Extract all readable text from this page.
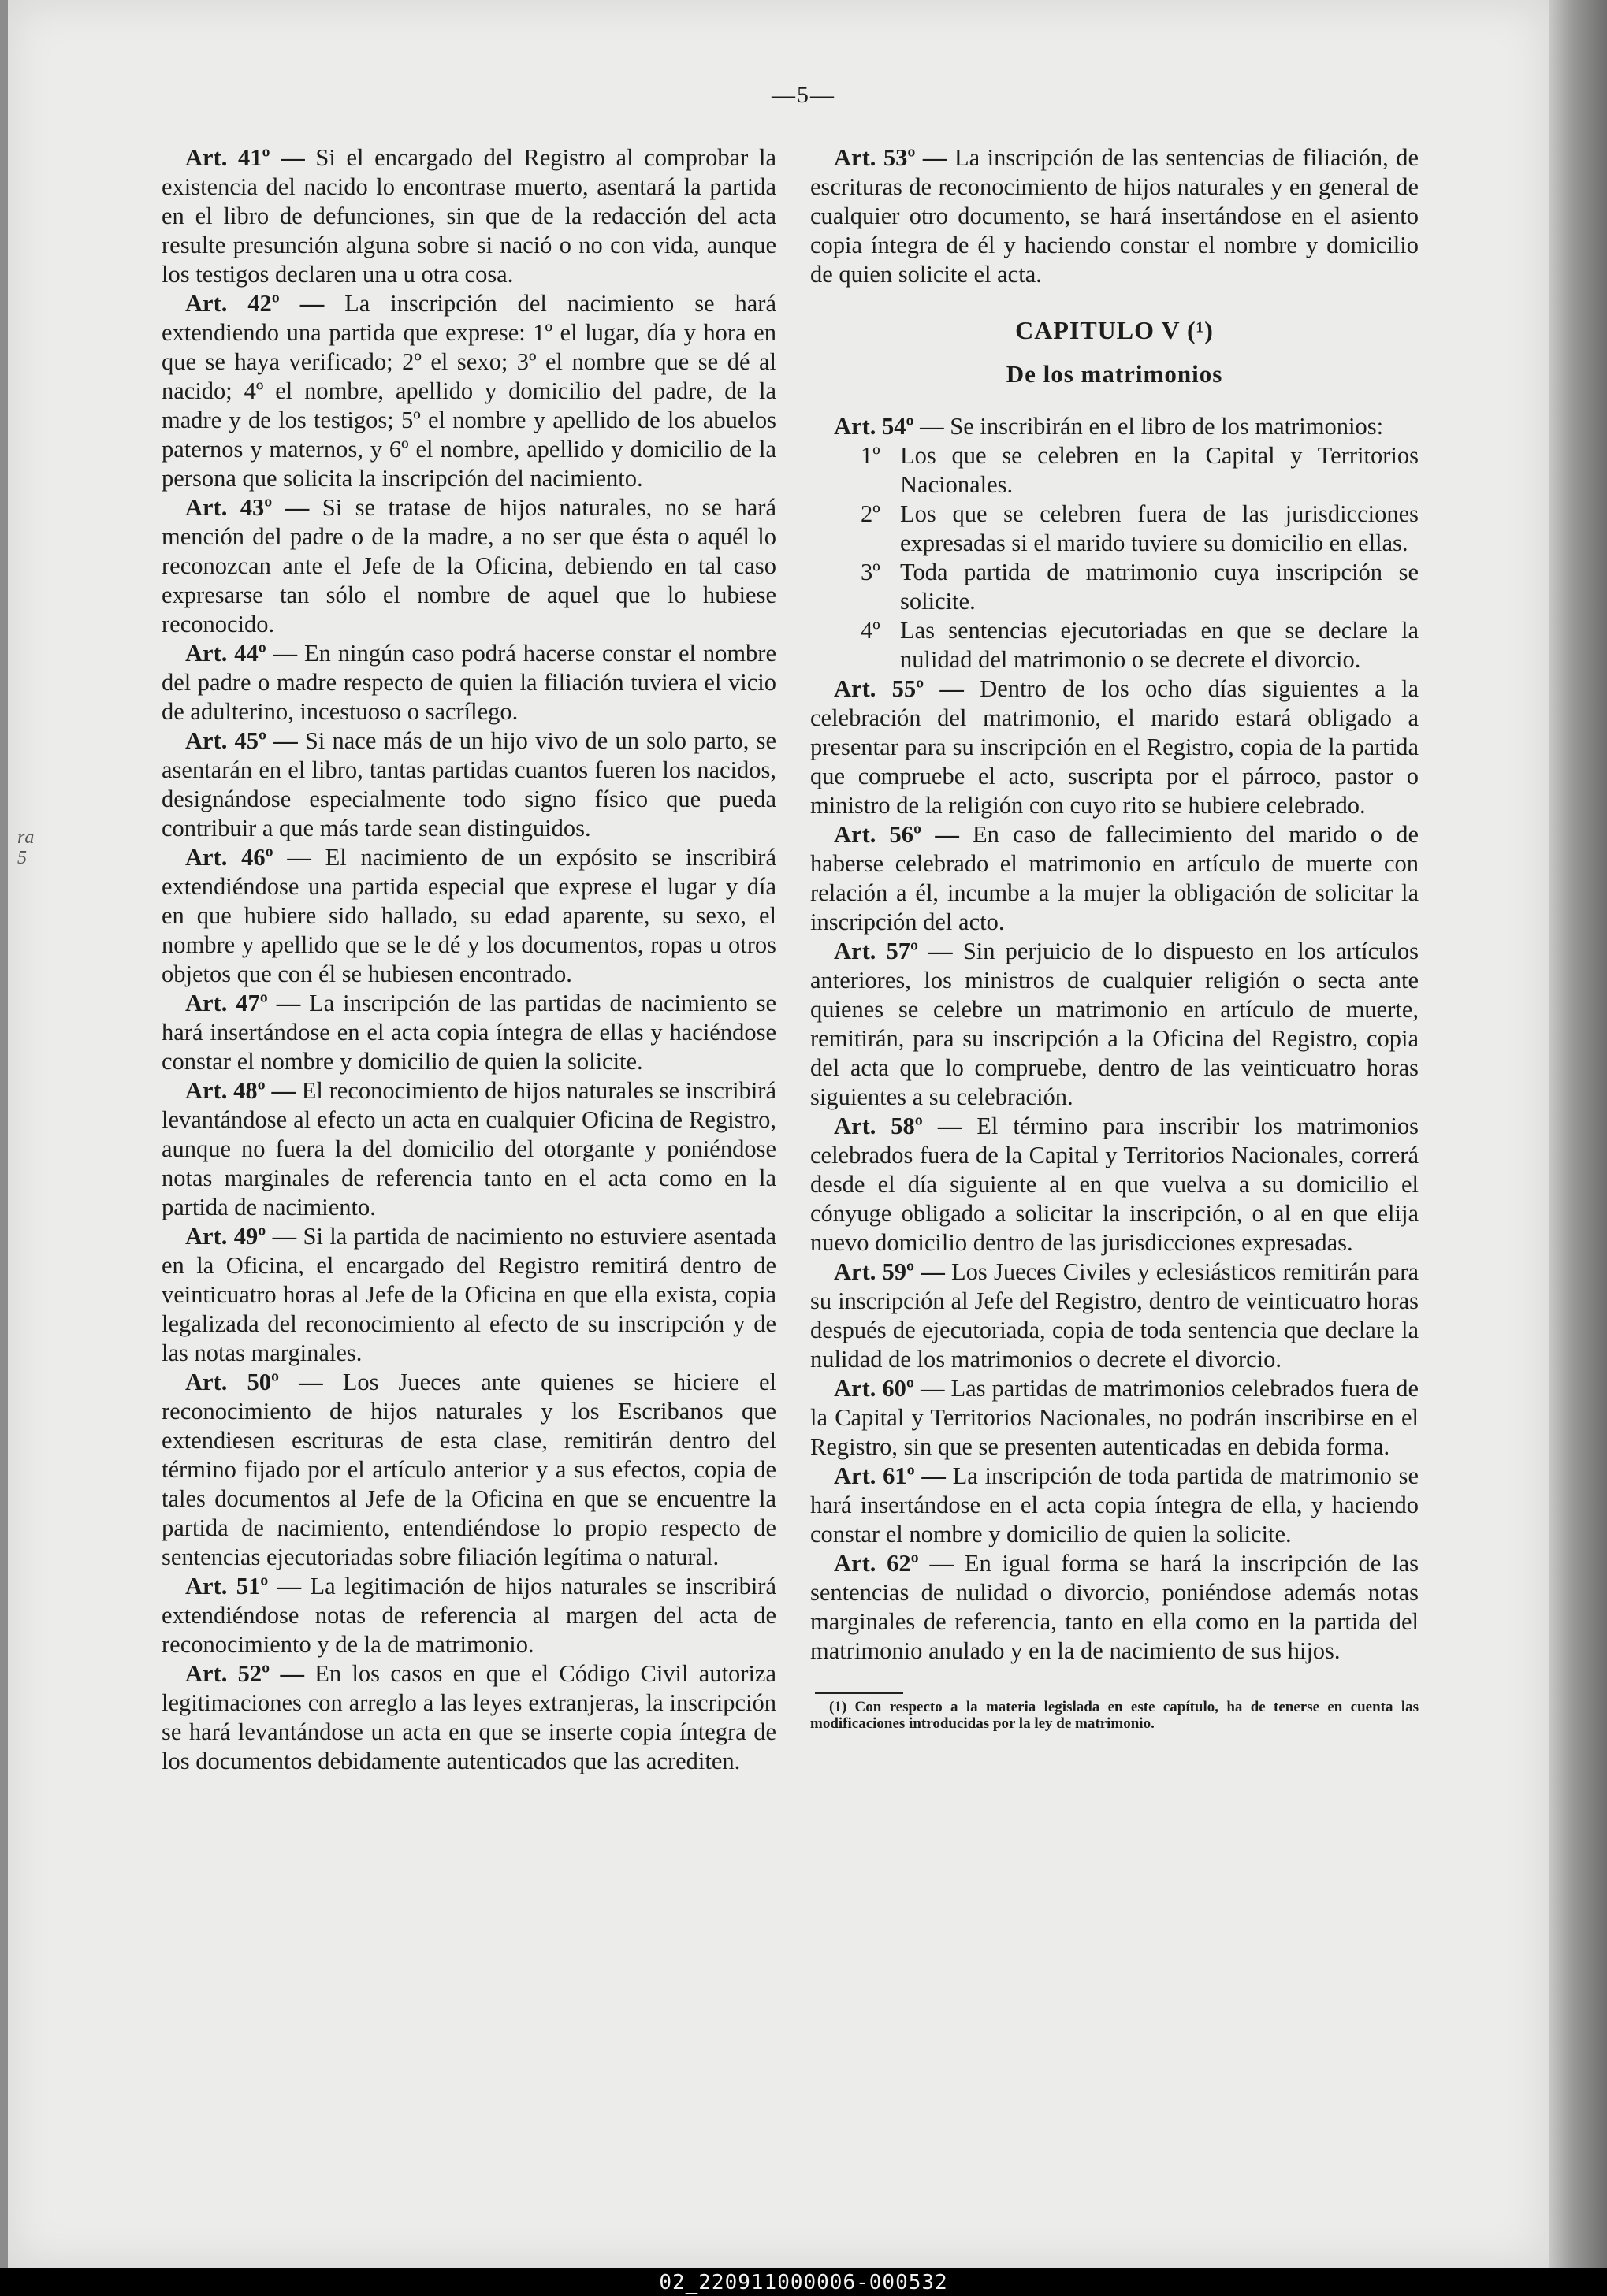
—5—
ra
5

Art. 41º — Si el encargado del Registro al comprobar la existencia del nacido lo encontrase muerto, asentará la partida en el libro de defunciones, sin que de la redacción del acta resulte presunción alguna sobre si nació o no con vida, aunque los testigos declaren una u otra cosa.

Art. 42º — La inscripción del nacimiento se hará extendiendo una partida que exprese: 1º el lugar, día y hora en que se haya verificado; 2º el sexo; 3º el nombre que se dé al nacido; 4º el nombre, apellido y domicilio del padre, de la madre y de los testigos; 5º el nombre y apellido de los abuelos paternos y maternos, y 6º el nombre, apellido y domicilio de la persona que solicita la inscripción del nacimiento.

Art. 43º — Si se tratase de hijos naturales, no se hará mención del padre o de la madre, a no ser que ésta o aquél lo reconozcan ante el Jefe de la Oficina, debiendo en tal caso expresarse tan sólo el nombre de aquel que lo hubiese reconocido.

Art. 44º — En ningún caso podrá hacerse constar el nombre del padre o madre respecto de quien la filiación tuviera el vicio de adulterino, incestuoso o sacrílego.

Art. 45º — Si nace más de un hijo vivo de un solo parto, se asentarán en el libro, tantas partidas cuantos fueren los nacidos, designándose especialmente todo signo físico que pueda contribuir a que más tarde sean distinguidos.

Art. 46º — El nacimiento de un expósito se inscribirá extendiéndose una partida especial que exprese el lugar y día en que hubiere sido hallado, su edad aparente, su sexo, el nombre y apellido que se le dé y los documentos, ropas u otros objetos que con él se hubiesen encontrado.

Art. 47º — La inscripción de las partidas de nacimiento se hará insertándose en el acta copia íntegra de ellas y haciéndose constar el nombre y domicilio de quien la solicite.

Art. 48º — El reconocimiento de hijos naturales se inscribirá levantándose al efecto un acta en cualquier Oficina de Registro, aunque no fuera la del domicilio del otorgante y poniéndose notas marginales de referencia tanto en el acta como en la partida de nacimiento.

Art. 49º — Si la partida de nacimiento no estuviere asentada en la Oficina, el encargado del Registro remitirá dentro de veinticuatro horas al Jefe de la Oficina en que ella exista, copia legalizada del reconocimiento al efecto de su inscripción y de las notas marginales.

Art. 50º — Los Jueces ante quienes se hiciere el reconocimiento de hijos naturales y los Escribanos que extendiesen escrituras de esta clase, remitirán dentro del término fijado por el artículo anterior y a sus efectos, copia de tales documentos al Jefe de la Oficina en que se encuentre la partida de nacimiento, entendiéndose lo propio respecto de sentencias ejecutoriadas sobre filiación legítima o natural.

Art. 51º — La legitimación de hijos naturales se inscribirá extendiéndose notas de referencia al margen del acta de reconocimiento y de la de matrimonio.

Art. 52º — En los casos en que el Código Civil autoriza legitimaciones con arreglo a las leyes extranjeras, la inscripción se hará levantándose un acta en que se inserte copia íntegra de los documentos debidamente autenticados que las acrediten.

Art. 53º — La inscripción de las sentencias de filiación, de escrituras de reconocimiento de hijos naturales y en general de cualquier otro documento, se hará insertándose en el asiento copia íntegra de él y haciendo constar el nombre y domicilio de quien solicite el acta.

CAPITULO V (¹)

De los matrimonios

Art. 54º — Se inscribirán en el libro de los matrimonios:

1º Los que se celebren en la Capital y Territorios Nacionales.
2º Los que se celebren fuera de las jurisdicciones expresadas si el marido tuviere su domicilio en ellas.
3º Toda partida de matrimonio cuya inscripción se solicite.
4º Las sentencias ejecutoriadas en que se declare la nulidad del matrimonio o se decrete el divorcio.

Art. 55º — Dentro de los ocho días siguientes a la celebración del matrimonio, el marido estará obligado a presentar para su inscripción en el Registro, copia de la partida que compruebe el acto, suscripta por el párroco, pastor o ministro de la religión con cuyo rito se hubiere celebrado.

Art. 56º — En caso de fallecimiento del marido o de haberse celebrado el matrimonio en artículo de muerte con relación a él, incumbe a la mujer la obligación de solicitar la inscripción del acto.

Art. 57º — Sin perjuicio de lo dispuesto en los artículos anteriores, los ministros de cualquier religión o secta ante quienes se celebre un matrimonio en artículo de muerte, remitirán, para su inscripción a la Oficina del Registro, copia del acta que lo compruebe, dentro de las veinticuatro horas siguientes a su celebración.

Art. 58º — El término para inscribir los matrimonios celebrados fuera de la Capital y Territorios Nacionales, correrá desde el día siguiente al en que vuelva a su domicilio el cónyuge obligado a solicitar la inscripción, o al en que elija nuevo domicilio dentro de las jurisdicciones expresadas.

Art. 59º — Los Jueces Civiles y eclesiásticos remitirán para su inscripción al Jefe del Registro, dentro de veinticuatro horas después de ejecutoriada, copia de toda sentencia que declare la nulidad de los matrimonios o decrete el divorcio.

Art. 60º — Las partidas de matrimonios celebrados fuera de la Capital y Territorios Nacionales, no podrán inscribirse en el Registro, sin que se presenten autenticadas en debida forma.

Art. 61º — La inscripción de toda partida de matrimonio se hará insertándose en el acta copia íntegra de ella, y haciendo constar el nombre y domicilio de quien la solicite.

Art. 62º — En igual forma se hará la inscripción de las sentencias de nulidad o divorcio, poniéndose además notas marginales de referencia, tanto en ella como en la partida del matrimonio anulado y en la de nacimiento de sus hijos.

(1) Con respecto a la materia legislada en este capítulo, ha de tenerse en cuenta las modificaciones introducidas por la ley de matrimonio.

02_220911000006-000532
